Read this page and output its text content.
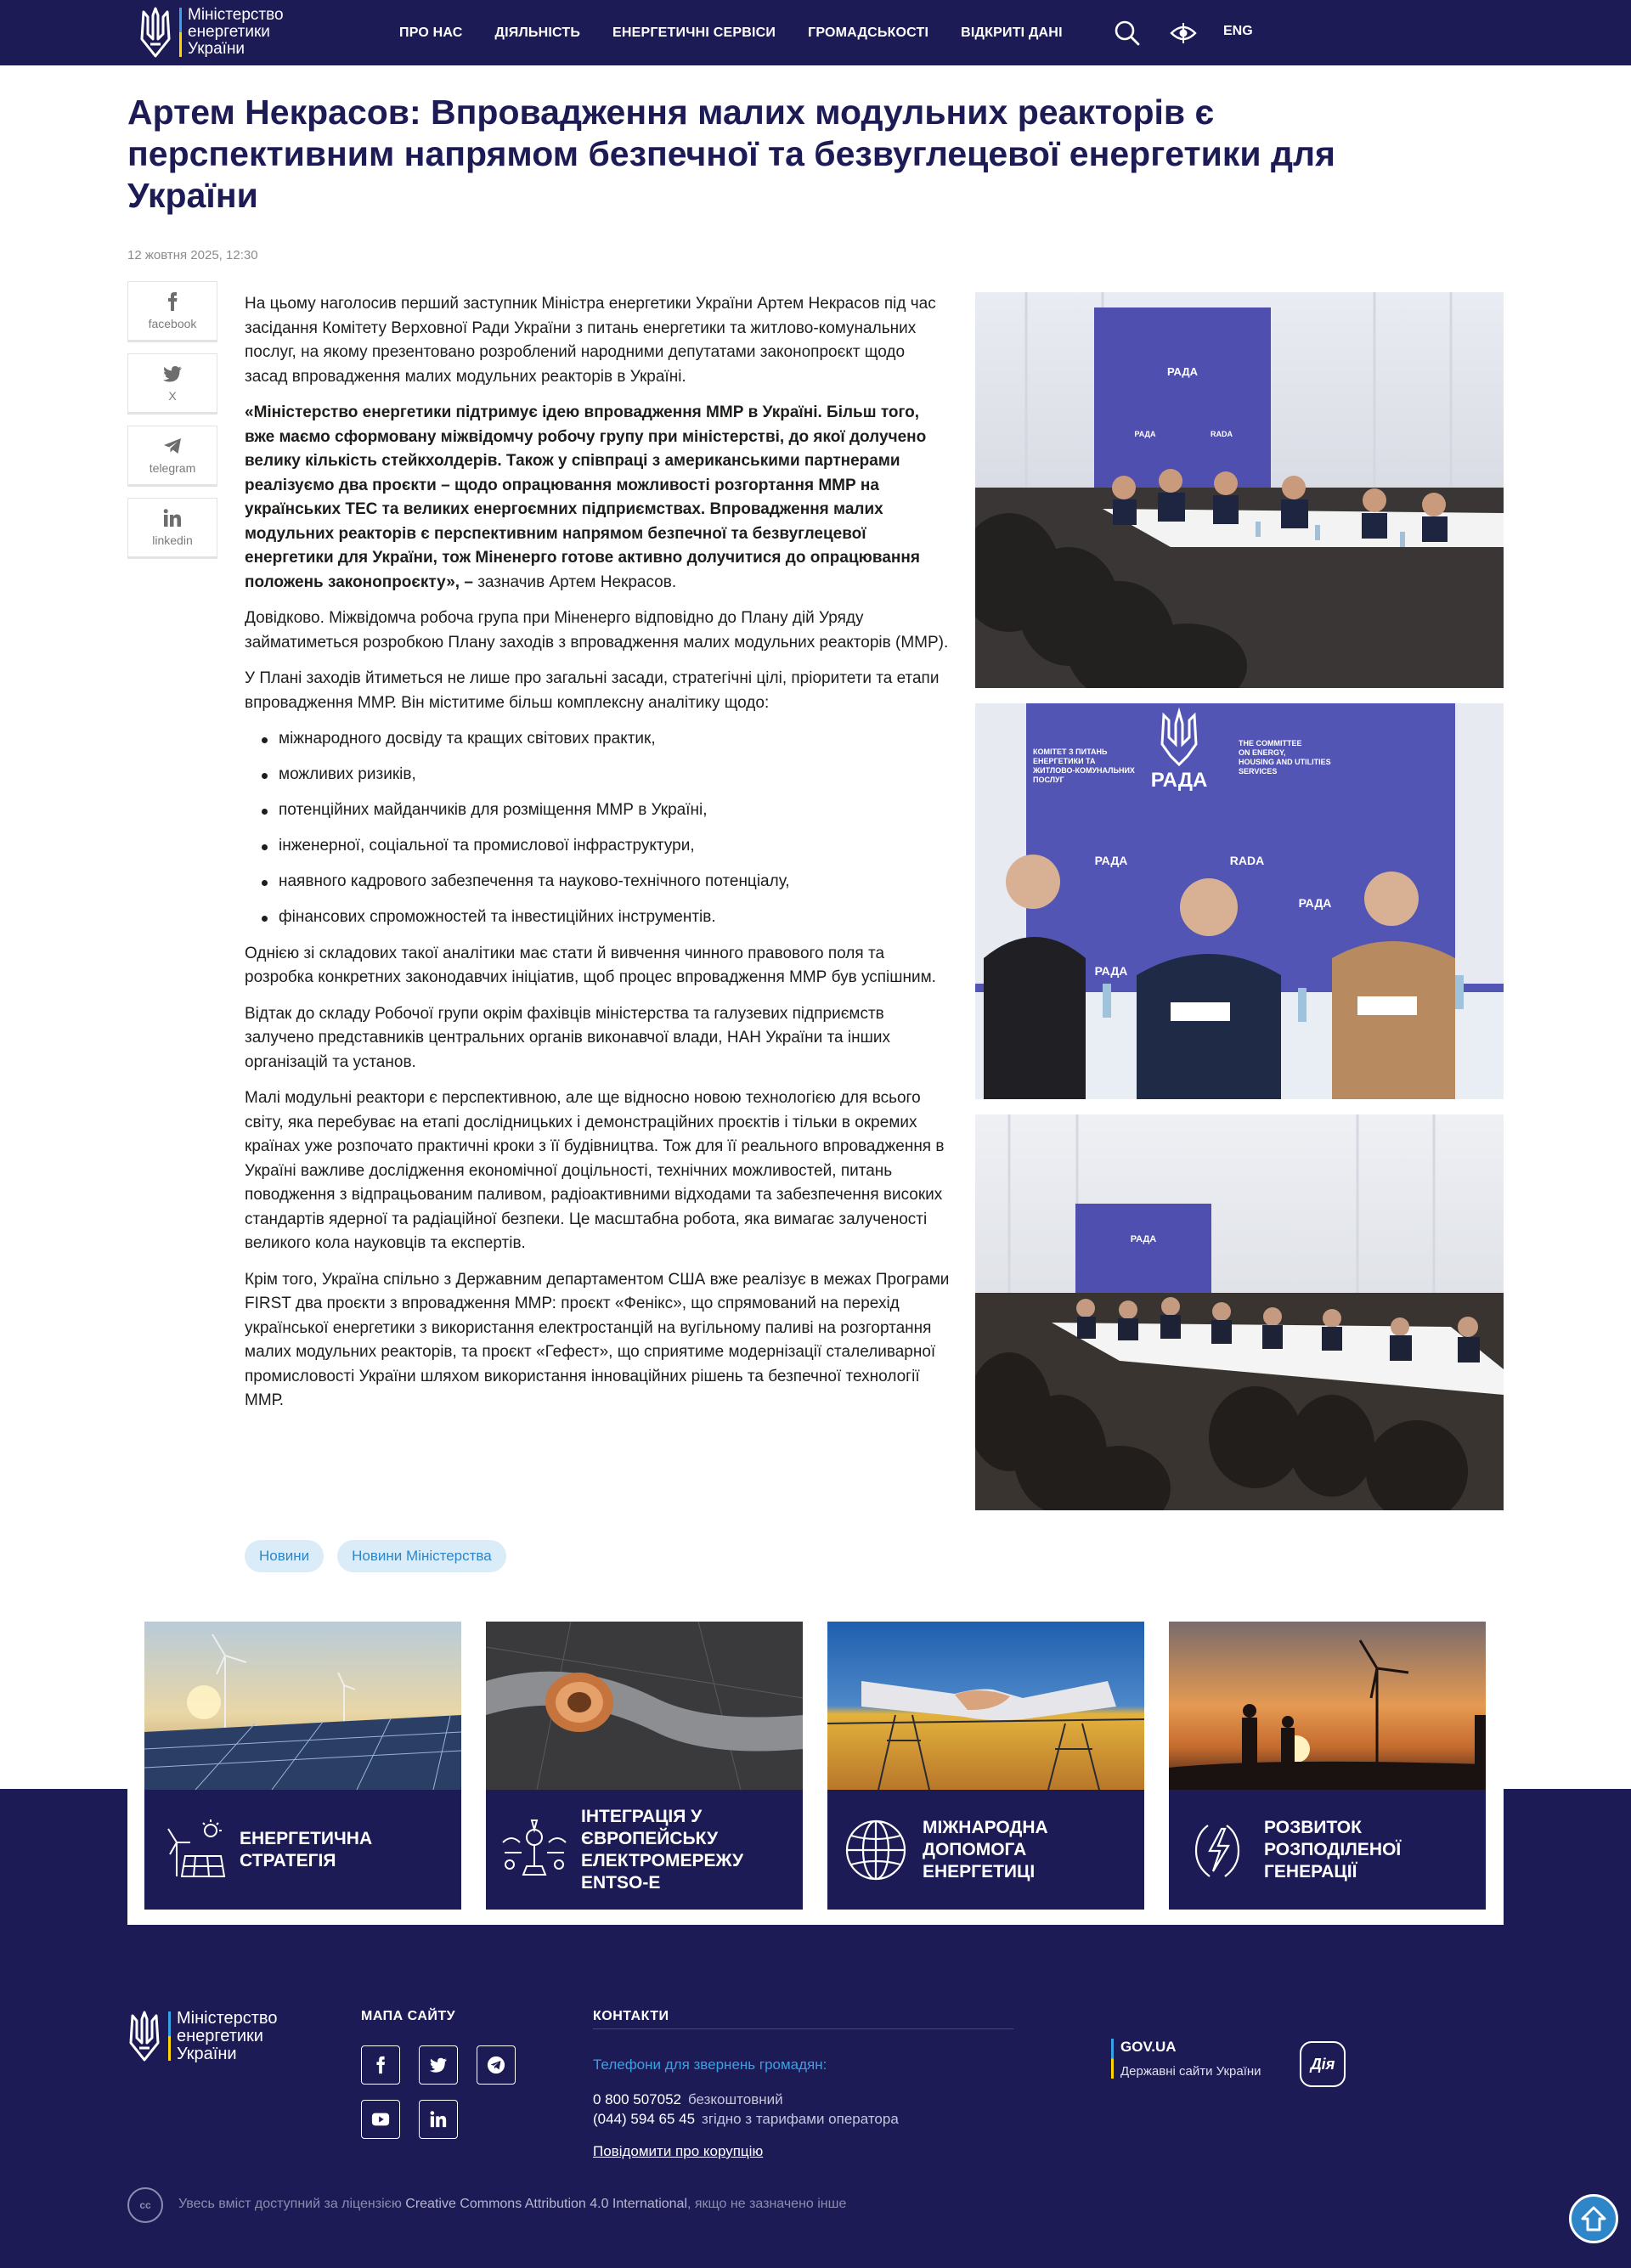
Міністерство
енергетики
України
ПРО НАС ДІЯЛЬНІСТЬ ЕНЕРГЕТИЧНІ СЕРВІСИ ГРОМАДСЬКОСТІ ВІДКРИТІ ДАНІ	ENG
Артем Некрасов: Впровадження малих модульних реакторів є перспективним напрямом безпечної та безвуглецевої енергетики для України
12 жовтня 2025, 12:30
facebook
X
telegram
linkedin

На цьому наголосив перший заступник Міністра енергетики України Артем Некрасов під час засідання Комітету Верховної Ради України з питань енергетики та житлово-комунальних послуг, на якому презентовано розроблений народними депутатами законопроєкт щодо засад впровадження малих модульних реакторів в Україні.

«Міністерство енергетики підтримує ідею впровадження ММР в Україні. Більш того, вже маємо сформовану міжвідомчу робочу групу при міністерстві, до якої долучено велику кількість стейкхолдерів. Також у співпраці з американськими партнерами реалізуємо два проєкти – щодо опрацювання можливості розгортання ММР на українських ТЕС та великих енергоємних підприємствах. Впровадження малих модульних реакторів є перспективним напрямом безпечної та безвуглецевої енергетики для України, тож Міненерго готове активно долучитися до опрацювання положень законопроєкту», – зазначив Артем Некрасов.

Довідково. Міжвідомча робоча група при Міненерго відповідно до Плану дій Уряду займатиметься розробкою Плану заходів з впровадження малих модульних реакторів (ММР).

У Плані заходів йтиметься не лише про загальні засади, стратегічні цілі, пріоритети та етапи впровадження ММР. Він міститиме більш комплексну аналітику щодо:

міжнародного досвіду та кращих світових практик,
можливих ризиків,
потенційних майданчиків для розміщення ММР в Україні,
інженерної, соціальної та промислової інфраструктури,
наявного кадрового забезпечення та науково-технічного потенціалу,
фінансових спроможностей та інвестиційних інструментів.

Однією зі складових такої аналітики має стати й вивчення чинного правового поля та розробка конкретних законодавчих ініціатив, щоб процес впровадження ММР був успішним.

Відтак до складу Робочої групи окрім фахівців міністерства та галузевих підприємств залучено представників центральних органів виконавчої влади, НАН України та інших організацій та установ.

Малі модульні реактори є перспективною, але ще відносно новою технологією для всього світу, яка перебуває на етапі дослідницьких і демонстраційних проєктів і тільки в окремих країнах уже розпочато практичні кроки з її будівництва. Тож для її реального впровадження в Україні важливе дослідження економічної доцільності, технічних можливостей, питань поводження з відпрацьованим паливом, радіоактивними відходами та забезпечення високих стандартів ядерної та радіаційної безпеки. Це масштабна робота, яка вимагає залученості великого кола науковців та експертів.

Крім того, Україна спільно з Державним департаментом США вже реалізує в межах Програми FIRST два проєкти з впровадження ММР: проєкт «Фенікс», що спрямований на перехід української енергетики з використання електростанцій на вугільному паливі на розгортання малих модульних реакторів, та проєкт «Гефест», що сприятиме модернізації сталеливарної промисловості України шляхом використання інноваційних рішень та безпечної технології ММР.

РАДА
РАДА	RADA
КОМІТЕТ З ПИТАНЬ ЕНЕРГЕТИКИ ТА ЖИТЛОВО-КОМУНАЛЬНИХ ПОСЛУГ	РАДА
THE COMMITTEE ON ENERGY, HOUSING AND UTILITIES SERVICES
РАДА	RADA
РАДА
РАДА
РАДА
Новини	Новини Міністерства
ЕНЕРГЕТИЧНА СТРАТЕГІЯ
ІНТЕГРАЦІЯ У ЄВРОПЕЙСЬКУ ЕЛЕКТРОМЕРЕЖУ ENTSO-E
МІЖНАРОДНА ДОПОМОГА ЕНЕРГЕТИЦІ
РОЗВИТОК РОЗПОДІЛЕНОЇ ГЕНЕРАЦІЇ
Міністерство
енергетики
України
МАПА САЙТУ	КОНТАКТИ
Телефони для звернень громадян:
0 800 507052 безкоштовний
(044) 594 65 45 згідно з тарифами оператора
Повідомити про корупцію
GOV.UA
Державні сайти України	Дія
cc	Увесь вміст доступний за ліцензією Creative Commons Attribution 4.0 International, якщо не зазначено інше
